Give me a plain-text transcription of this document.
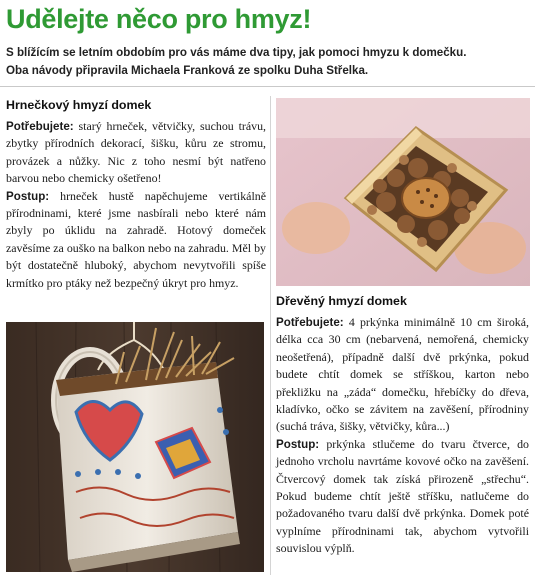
Udělejte něco pro hmyz!
S blížícím se letním obdobím pro vás máme dva tipy, jak pomoci hmyzu k domečku.
Oba návody připravila Michaela Franková ze spolku Duha Střelka.
Hrnečkový hmyzí domek

Potřebujete: starý hrneček, větvičky, suchou trávu, zbytky přírodních dekorací, šišku, kůru ze stromu, provázek a nůžky. Nic z toho nesmí být natřeno barvou nebo chemicky ošetřeno!

Postup: hrneček hustě napěchujeme vertikálně přírodninami, které jsme nasbírali nebo které nám zbyly po úklidu na zahradě. Hotový domeček zavěsíme za ouško na balkon nebo na zahradu. Měl by být dostatečně hluboký, abychom nevytvořili spíše krmítko pro ptáky než bezpečný úkryt pro hmyz.

Dřevěný hmyzí domek

Potřebujete: 4 prkýnka minimálně 10 cm široká, délka cca 30 cm (nebarvená, nemořená, chemicky neošetřená), případně další dvě prkýnka, pokud budete chtít domek se stříškou, karton nebo překližku na „záda“ domečku, hřebíčky do dřeva, kladívko, očko se závitem na zavěšení, přírodniny (suchá tráva, šišky, větvičky, kůra...)

Postup: prkýnka stlučeme do tvaru čtverce, do jednoho vrcholu navrtáme kovové očko na zavěšení. Čtvercový domek tak získá přirozeně „střechu“. Pokud budeme chtít ještě stříšku, natlučeme do požadovaného tvaru další dvě prkýnka. Domek poté vyplníme přírodninami tak, abychom vytvořili souvislou výplň.
